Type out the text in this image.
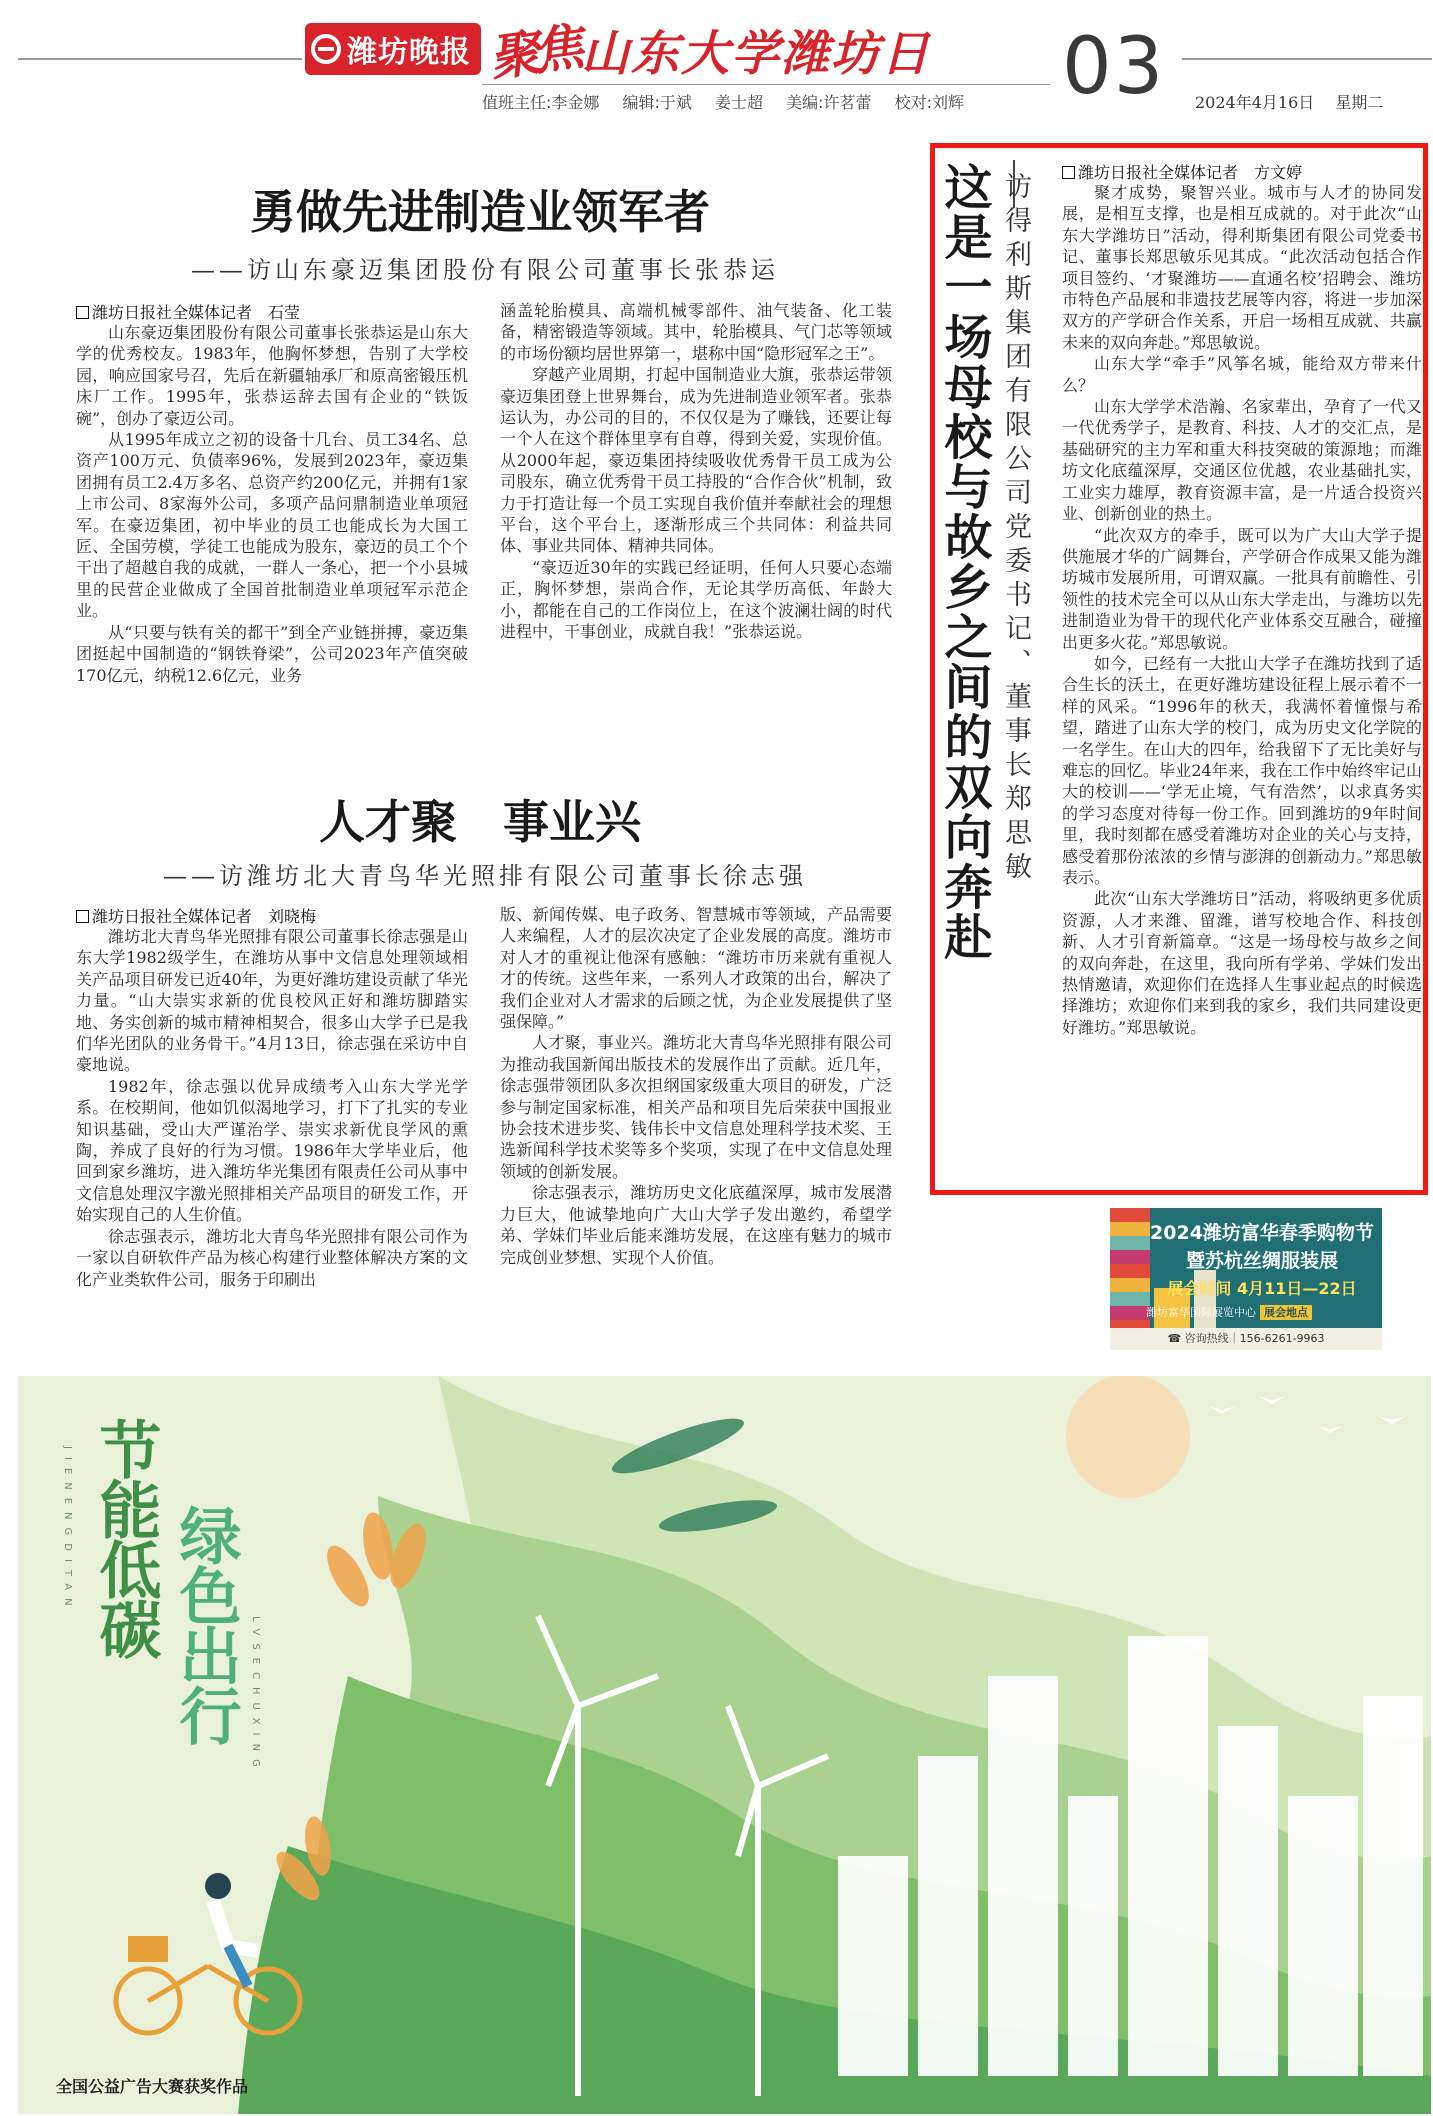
潍坊晚报 聚焦 山东大学潍坊日 03
值班主任:李金娜 编辑:于斌 姜士超 美编:许茗蕾 校对:刘辉	2024年4月16日 星期二
勇做先进制造业领军者
——访山东豪迈集团股份有限公司董事长张恭运
潍坊日报社全媒体记者　石莹

山东豪迈集团股份有限公司董事长张恭运是山东大学的优秀校友。1983年，他胸怀梦想，告别了大学校园，响应国家号召，先后在新疆轴承厂和原高密锻压机床厂工作。1995年，张恭运辞去国有企业的“铁饭碗”，创办了豪迈公司。

从1995年成立之初的设备十几台、员工34名、总资产100万元、负债率96%，发展到2023年，豪迈集团拥有员工2.4万多名、总资产约200亿元，并拥有1家上市公司、8家海外公司，多项产品问鼎制造业单项冠军。在豪迈集团，初中毕业的员工也能成长为大国工匠、全国劳模，学徒工也能成为股东，豪迈的员工个个干出了超越自我的成就，一群人一条心，把一个小县城里的民营企业做成了全国首批制造业单项冠军示范企业。

从“只要与铁有关的都干”到全产业链拼搏，豪迈集团挺起中国制造的“钢铁脊梁”，公司2023年产值突破170亿元，纳税12.6亿元，业务

涵盖轮胎模具、高端机械零部件、油气装备、化工装备，精密锻造等领域。其中，轮胎模具、气门芯等领域的市场份额均居世界第一，堪称中国“隐形冠军之王”。

穿越产业周期，打起中国制造业大旗，张恭运带领豪迈集团登上世界舞台，成为先进制造业领军者。张恭运认为，办公司的目的，不仅仅是为了赚钱，还要让每一个人在这个群体里享有自尊，得到关爱，实现价值。从2000年起，豪迈集团持续吸收优秀骨干员工成为公司股东，确立优秀骨干员工持股的“合作合伙”机制，致力于打造让每一个员工实现自我价值并奉献社会的理想平台，这个平台上，逐渐形成三个共同体：利益共同体、事业共同体、精神共同体。

“豪迈近30年的实践已经证明，任何人只要心态端正，胸怀梦想，崇尚合作，无论其学历高低、年龄大小，都能在自己的工作岗位上，在这个波澜壮阔的时代进程中，干事创业，成就自我！”张恭运说。

人才聚　事业兴
——访潍坊北大青鸟华光照排有限公司董事长徐志强
潍坊日报社全媒体记者　刘晓梅

潍坊北大青鸟华光照排有限公司董事长徐志强是山东大学1982级学生，在潍坊从事中文信息处理领域相关产品项目研发已近40年，为更好潍坊建设贡献了华光力量。“山大崇实求新的优良校风正好和潍坊脚踏实地、务实创新的城市精神相契合，很多山大学子已是我们华光团队的业务骨干。”4月13日，徐志强在采访中自豪地说。

1982年，徐志强以优异成绩考入山东大学光学系。在校期间，他如饥似渴地学习，打下了扎实的专业知识基础，受山大严谨治学、崇实求新优良学风的熏陶，养成了良好的行为习惯。1986年大学毕业后，他回到家乡潍坊，进入潍坊华光集团有限责任公司从事中文信息处理汉字激光照排相关产品项目的研发工作，开始实现自己的人生价值。

徐志强表示，潍坊北大青鸟华光照排有限公司作为一家以自研软件产品为核心构建行业整体解决方案的文化产业类软件公司，服务于印刷出

版、新闻传媒、电子政务、智慧城市等领域，产品需要人来编程，人才的层次决定了企业发展的高度。潍坊市对人才的重视让他深有感触：“潍坊市历来就有重视人才的传统。这些年来，一系列人才政策的出台，解决了我们企业对人才需求的后顾之忧，为企业发展提供了坚强保障。”

人才聚，事业兴。潍坊北大青鸟华光照排有限公司为推动我国新闻出版技术的发展作出了贡献。近几年，徐志强带领团队多次担纲国家级重大项目的研发，广泛参与制定国家标准，相关产品和项目先后荣获中国报业协会技术进步奖、钱伟长中文信息处理科学技术奖、王选新闻科学技术奖等多个奖项，实现了在中文信息处理领域的创新发展。

徐志强表示，潍坊历史文化底蕴深厚，城市发展潜力巨大，他诚挚地向广大山大学子发出邀约，希望学弟、学妹们毕业后能来潍坊发展，在这座有魅力的城市完成创业梦想、实现个人价值。

这是一场母校与故乡之间的双向奔赴 访得利斯集团有限公司党委书记、董事长郑思敏	潍坊日报社全媒体记者　方文婷

聚才成势，聚智兴业。城市与人才的协同发展，是相互支撑，也是相互成就的。对于此次“山东大学潍坊日”活动，得利斯集团有限公司党委书记、董事长郑思敏乐见其成。“此次活动包括合作项目签约、‘才聚潍坊——直通名校’招聘会、潍坊市特色产品展和非遗技艺展等内容，将进一步加深双方的产学研合作关系，开启一场相互成就、共赢未来的双向奔赴。”郑思敏说。

山东大学“牵手”风筝名城，能给双方带来什么？

山东大学学术浩瀚、名家辈出，孕育了一代又一代优秀学子，是教育、科技、人才的交汇点，是基础研究的主力军和重大科技突破的策源地；而潍坊文化底蕴深厚，交通区位优越，农业基础扎实，工业实力雄厚，教育资源丰富，是一片适合投资兴业、创新创业的热土。

“此次双方的牵手，既可以为广大山大学子提供施展才华的广阔舞台，产学研合作成果又能为潍坊城市发展所用，可谓双赢。一批具有前瞻性、引领性的技术完全可以从山东大学走出，与潍坊以先进制造业为骨干的现代化产业体系交互融合，碰撞出更多火花。”郑思敏说。

如今，已经有一大批山大学子在潍坊找到了适合生长的沃土，在更好潍坊建设征程上展示着不一样的风采。“1996年的秋天，我满怀着憧憬与希望，踏进了山东大学的校门，成为历史文化学院的一名学生。在山大的四年，给我留下了无比美好与难忘的回忆。毕业24年来，我在工作中始终牢记山大的校训——‘学无止境，气有浩然’，以求真务实的学习态度对待每一份工作。回到潍坊的9年时间里，我时刻都在感受着潍坊对企业的关心与支持，感受着那份浓浓的乡情与澎湃的创新动力。”郑思敏表示。

此次“山东大学潍坊日”活动，将吸纳更多优质资源，人才来潍、留潍，谱写校地合作、科技创新、人才引育新篇章。“这是一场母校与故乡之间的双向奔赴，在这里，我向所有学弟、学妹们发出热情邀请，欢迎你们在选择人生事业起点的时候选择潍坊；欢迎你们来到我的家乡，我们共同建设更好潍坊。”郑思敏说。

2024潍坊富华春季购物节
暨苏杭丝绸服装展
展会时间 4月11日—22日
潍坊富华国际展览中心 展会地点
☎ 咨询热线｜156-6261-9963
JIENENGDITAN 节能低碳 绿色出行 LVSECHUXING
全国公益广告大赛获奖作品
